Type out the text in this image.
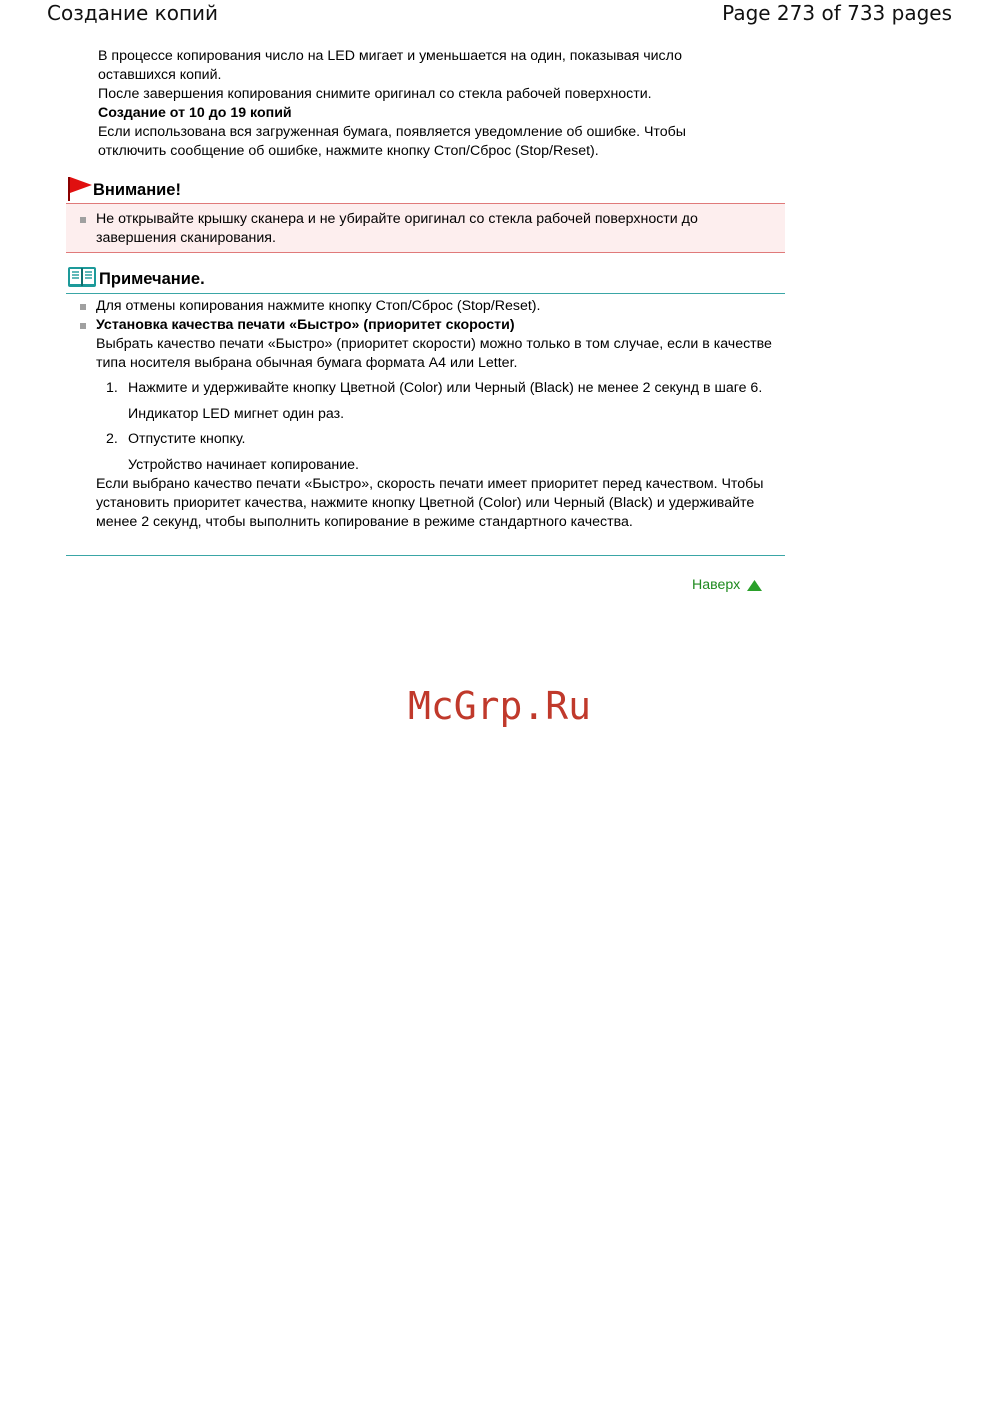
Создание копий	Page 273 of 733 pages

В процессе копирования число на LED мигает и уменьшается на один, показывая число оставшихся копий.

После завершения копирования снимите оригинал со стекла рабочей поверхности.

Создание от 10 до 19 копий

Если использована вся загруженная бумага, появляется уведомление об ошибке. Чтобы отключить сообщение об ошибке, нажмите кнопку Стоп/Сброс (Stop/Reset).

Внимание!
Не открывайте крышку сканера и не убирайте оригинал со стекла рабочей поверхности до завершения сканирования.
Примечание.

Для отмены копирования нажмите кнопку Стоп/Сброс (Stop/Reset).

Установка качества печати «Быстро» (приоритет скорости)

Выбрать качество печати «Быстро» (приоритет скорости) можно только в том случае, если в качестве типа носителя выбрана обычная бумага формата A4 или Letter.

1. Нажмите и удерживайте кнопку Цветной (Color) или Черный (Black) не менее 2 секунд в шаге 6.
Индикатор LED мигнет один раз.
2. Отпустите кнопку.
Устройство начинает копирование.

Если выбрано качество печати «Быстро», скорость печати имеет приоритет перед качеством. Чтобы установить приоритет качества, нажмите кнопку Цветной (Color) или Черный (Black) и удерживайте менее 2 секунд, чтобы выполнить копирование в режиме стандартного качества.

Наверх
McGrp.Ru
